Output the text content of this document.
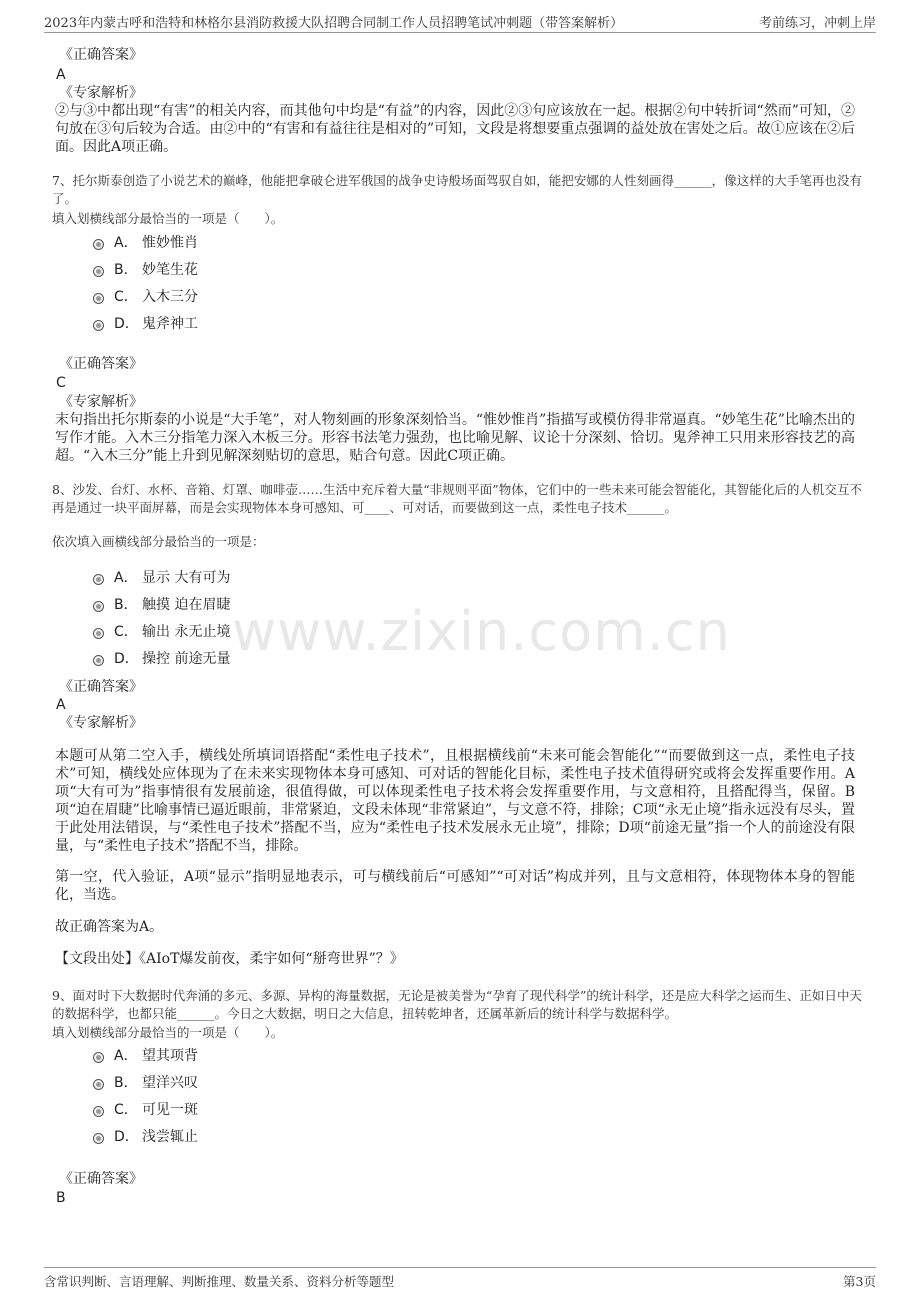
2023年内蒙古呼和浩特和林格尔县消防救援大队招聘合同制工作人员招聘笔试冲刺题（带答案解析）	考前练习，冲刺上岸
www.zixin.com.cn
《正确答案》
A
《专家解析》
②与③中都出现“有害”的相关内容，而其他句中均是“有益”的内容，因此②③句应该放在一起。根据②句中转折词“然而”可知，②句放在③句后较为合适。由②中的“有害和有益往往是相对的”可知，文段是将想要重点强调的益处放在害处之后。故①应该在②后面。因此A项正确。
7、托尔斯泰创造了小说艺术的巅峰，他能把拿破仑进军俄国的战争史诗般场面驾驭自如，能把安娜的人性刻画得______，像这样的大手笔再也没有了。
填入划横线部分最恰当的一项是（　　）。
A． 惟妙惟肖
B． 妙笔生花
C． 入木三分
D． 鬼斧神工
《正确答案》
C
《专家解析》
末句指出托尔斯泰的小说是“大手笔”，对人物刻画的形象深刻恰当。“惟妙惟肖”指描写或模仿得非常逼真。“妙笔生花”比喻杰出的写作才能。入木三分指笔力深入木板三分。形容书法笔力强劲，也比喻见解、议论十分深刻、恰切。鬼斧神工只用来形容技艺的高超。“入木三分”能上升到见解深刻贴切的意思，贴合句意。因此C项正确。
8、沙发、台灯、水杯、音箱、灯罩、咖啡壶……生活中充斥着大量“非规则平面”物体，它们中的一些未来可能会智能化，其智能化后的人机交互不再是通过一块平面屏幕，而是会实现物体本身可感知、可____、可对话，而要做到这一点，柔性电子技术______。
依次填入画横线部分最恰当的一项是：
A． 显示 大有可为
B． 触摸 迫在眉睫
C． 输出 永无止境
D． 操控 前途无量
《正确答案》
A
《专家解析》
本题可从第二空入手，横线处所填词语搭配“柔性电子技术”，且根据横线前“未来可能会智能化”“而要做到这一点，柔性电子技术”可知，横线处应体现为了在未来实现物体本身可感知、可对话的智能化目标，柔性电子技术值得研究或将会发挥重要作用。A项“大有可为”指事情很有发展前途，很值得做，可以体现柔性电子技术将会发挥重要作用，与文意相符，且搭配得当，保留。B项“迫在眉睫”比喻事情已逼近眼前，非常紧迫，文段未体现“非常紧迫”，与文意不符，排除；C项“永无止境”指永远没有尽头，置于此处用法错误，与“柔性电子技术”搭配不当，应为“柔性电子技术发展永无止境”，排除；D项“前途无量”指一个人的前途没有限量，与“柔性电子技术”搭配不当，排除。
第一空，代入验证，A项“显示”指明显地表示，可与横线前后“可感知”“可对话”构成并列，且与文意相符，体现物体本身的智能化，当选。
故正确答案为A。
【文段出处】《AIoT爆发前夜，柔宇如何“掰弯世界”？》
9、面对时下大数据时代奔涌的多元、多源、异构的海量数据，无论是被美誉为“孕育了现代科学”的统计科学，还是应大科学之运而生、正如日中天的数据科学，也都只能______。今日之大数据，明日之大信息，扭转乾坤者，还属革新后的统计科学与数据科学。
填入划横线部分最恰当的一项是（　　）。
A． 望其项背
B． 望洋兴叹
C． 可见一斑
D． 浅尝辄止
《正确答案》
B
含常识判断、言语理解、判断推理、数量关系、资料分析等题型	第3页
